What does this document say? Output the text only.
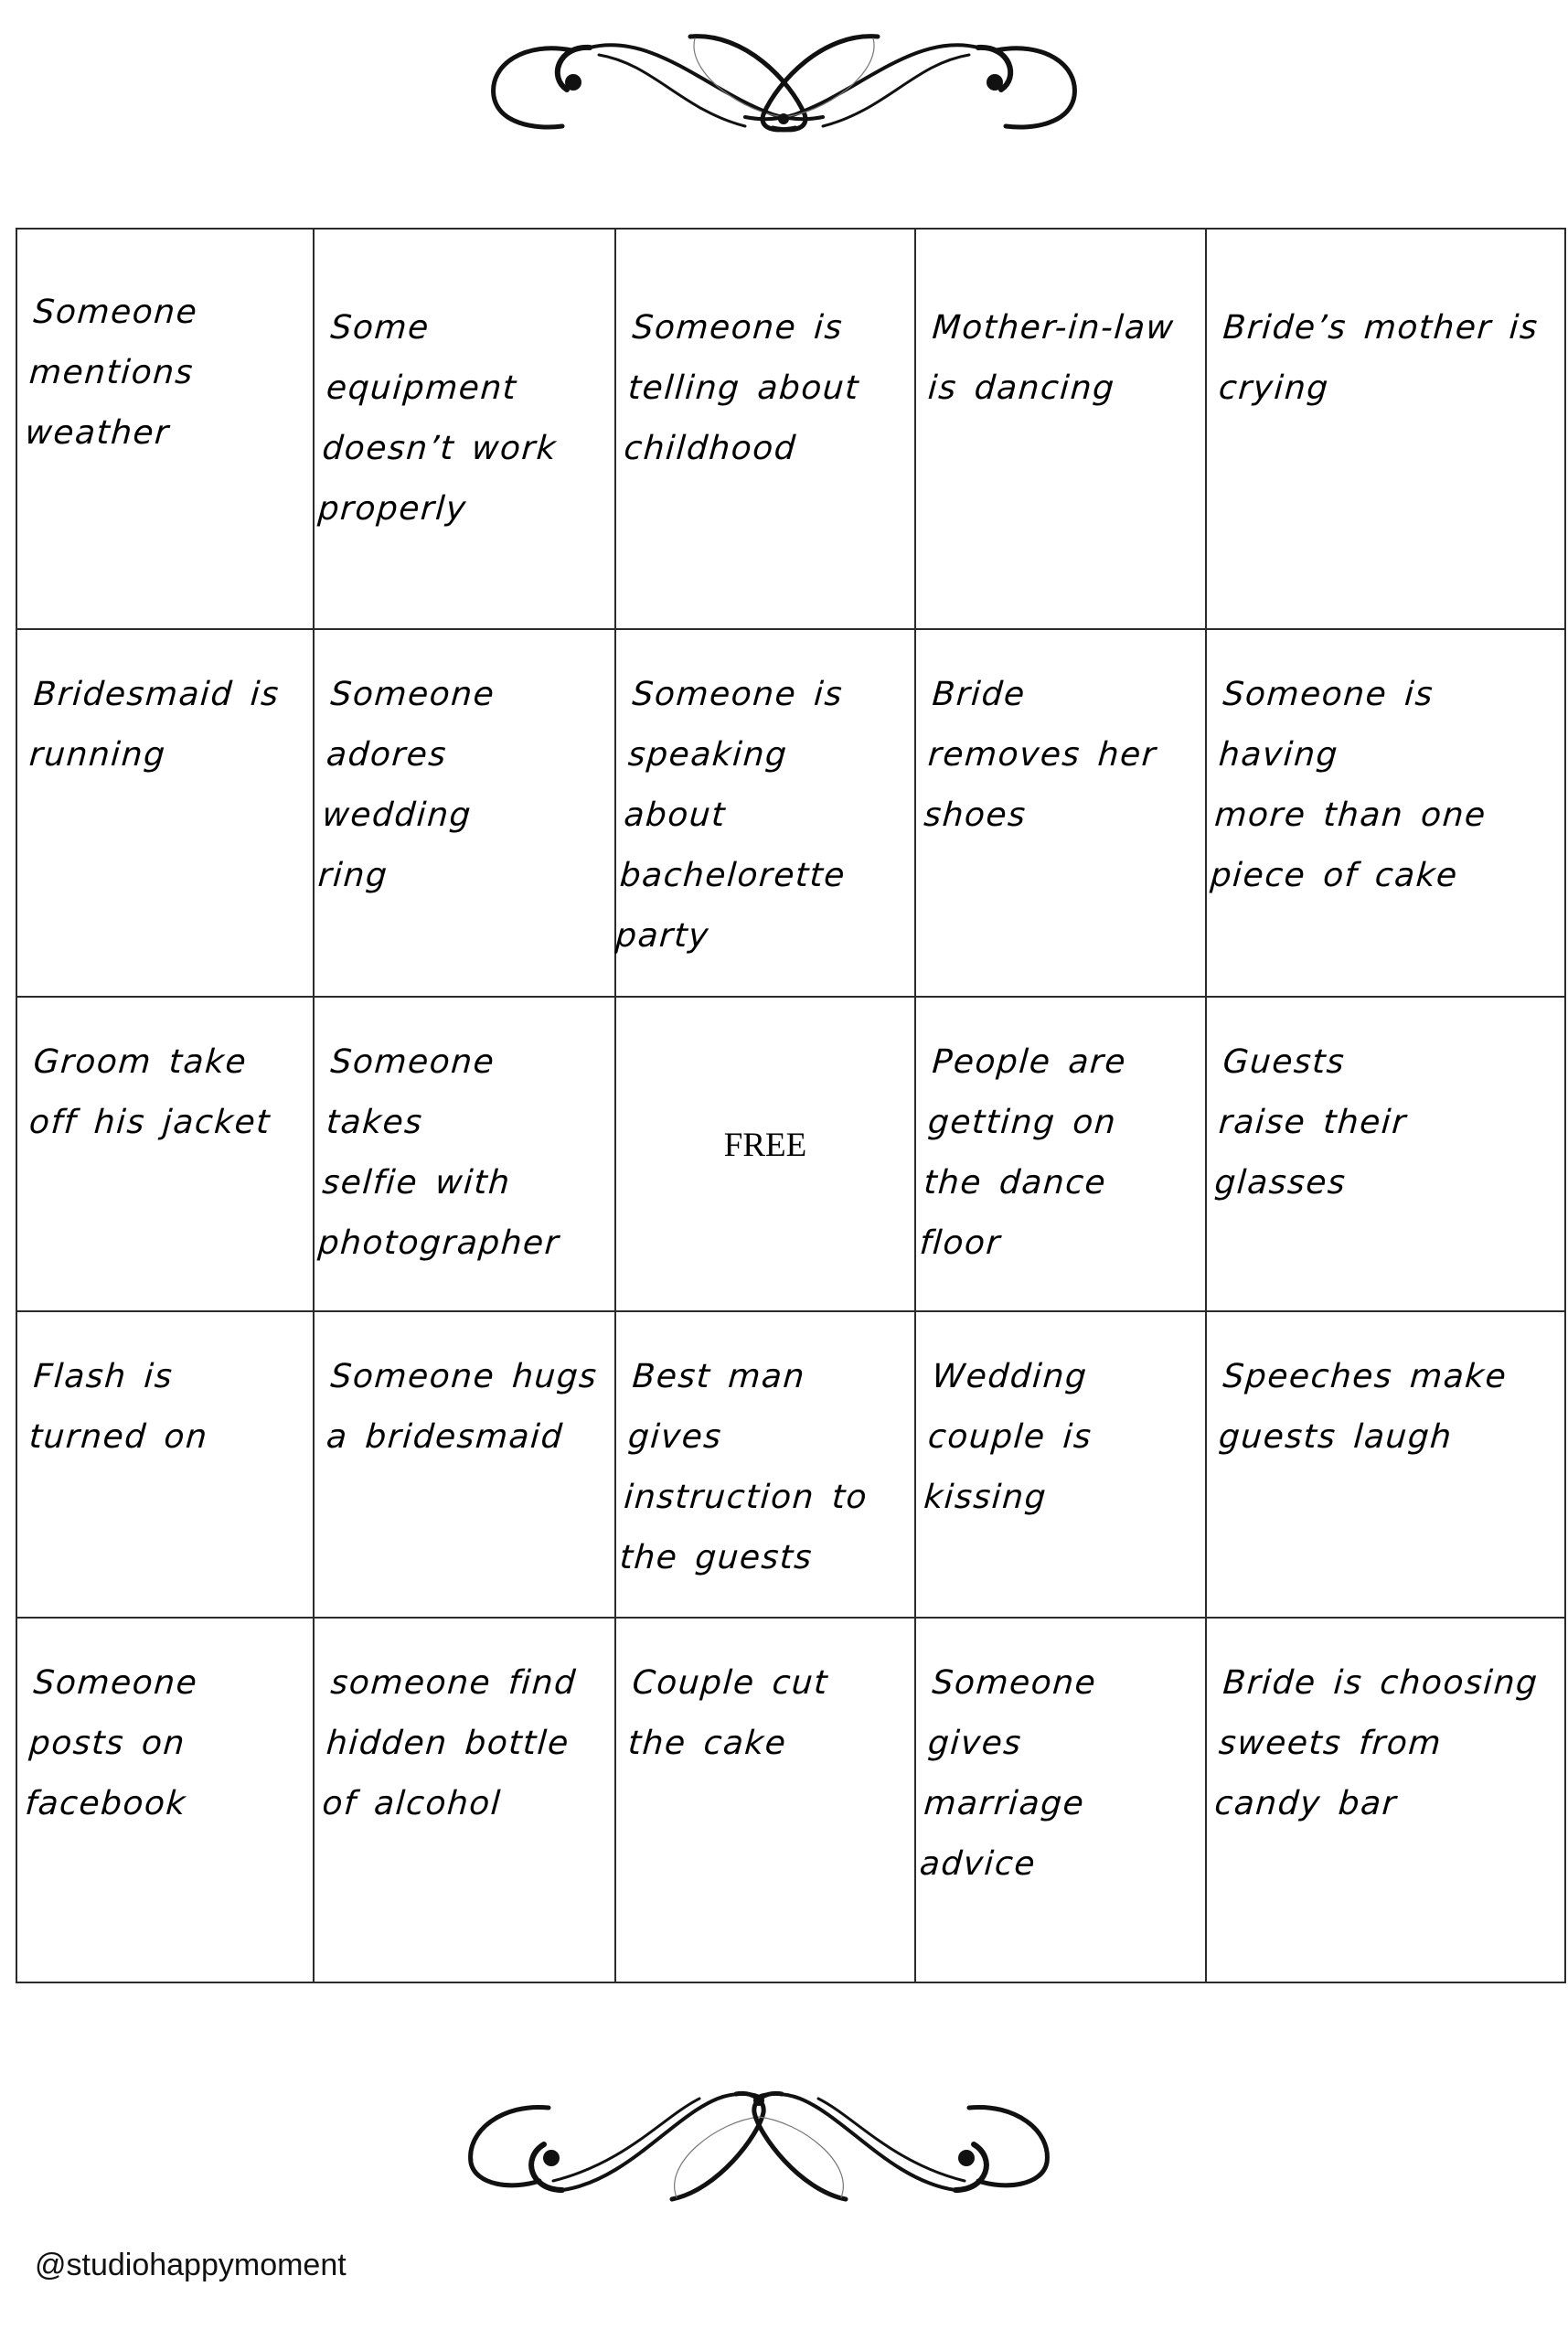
Someone
mentions
weather
Some
equipment
doesn’t work
properly
Someone is
telling about
childhood
Mother-in-law
is dancing
Bride’s mother is
crying
Bridesmaid is
running
Someone
adores wedding
ring
Someone is
speaking about
bachelorette
party
Bride
removes her
shoes
Someone is having
more than one
piece of cake
Groom take
off his jacket
Someone takes
selfie with
photographer
FREE
People are
getting on
the dance
floor
Guests
raise their glasses
Flash is
turned on
Someone hugs
a bridesmaid
Best man
gives
instruction to
the guests
Wedding
couple is
kissing
Speeches make
guests laugh
Someone
posts on
facebook
someone find
hidden bottle
of alcohol
Couple cut
the cake
Someone gives
marriage
advice
Bride is choosing
sweets from
candy bar
@studiohappymoment
